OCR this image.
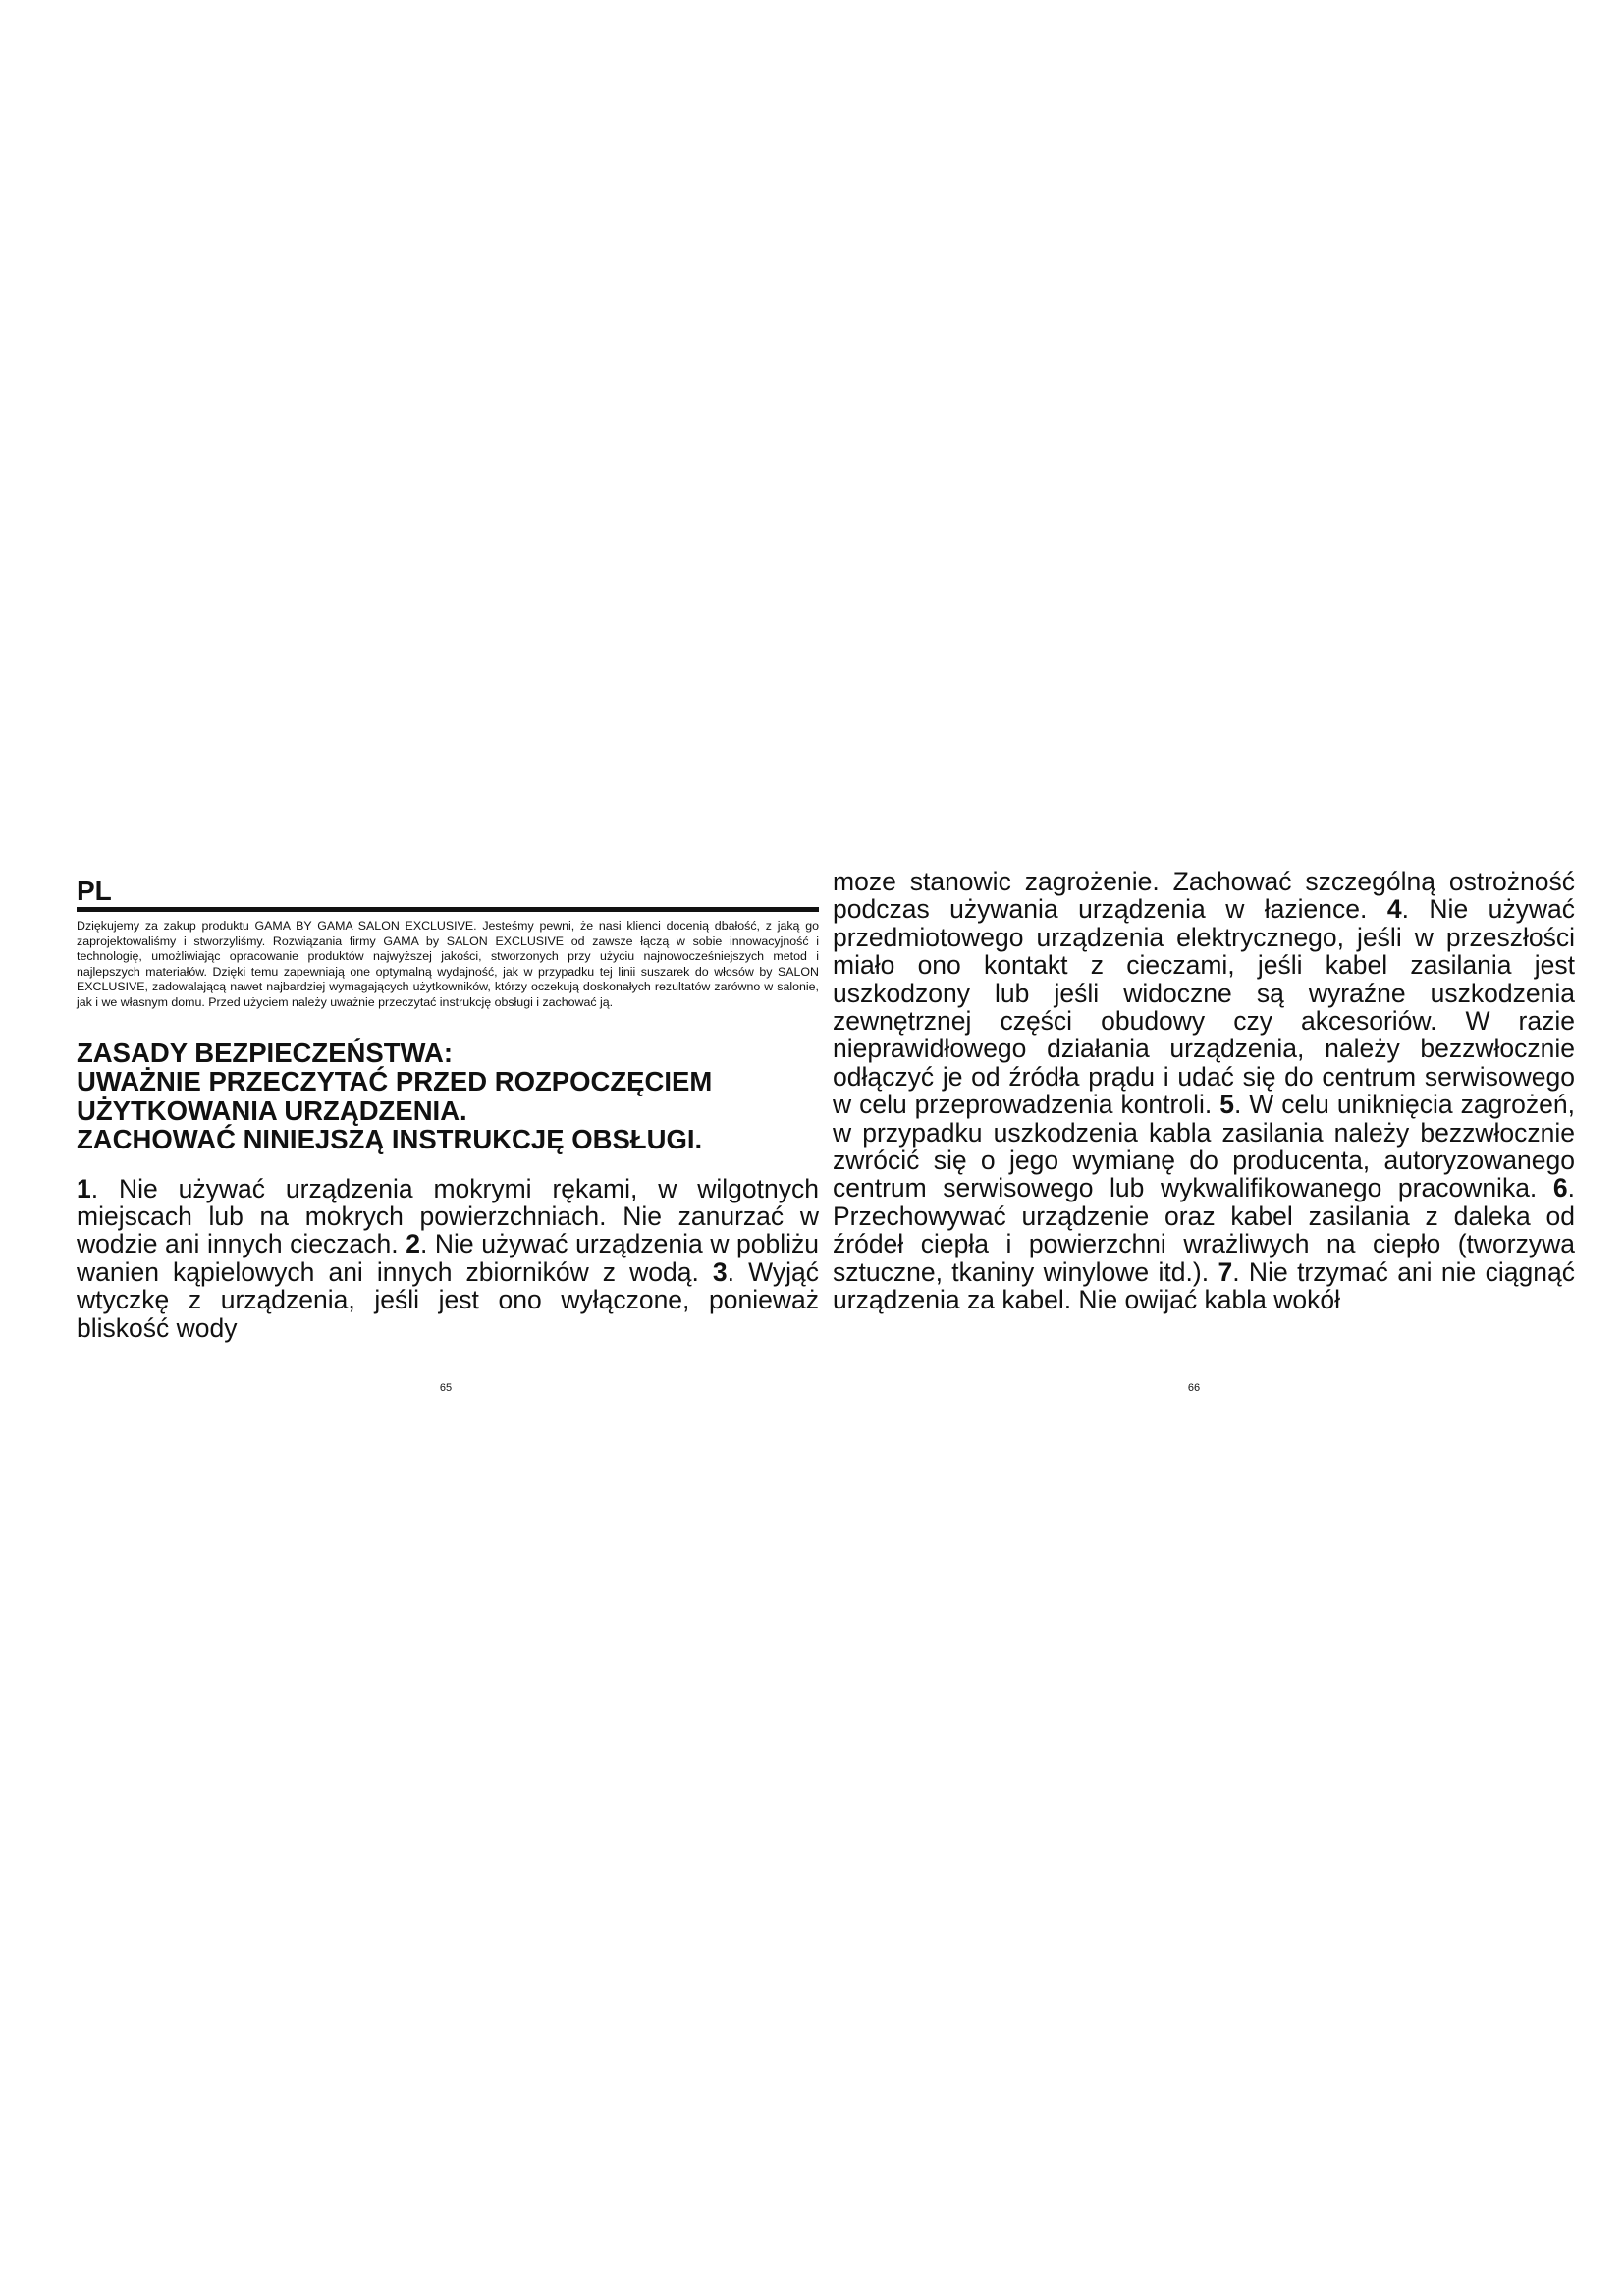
PL

Dziękujemy za zakup produktu GAMA BY GAMA SALON EXCLUSIVE. Jesteśmy pewni, że nasi klienci docenią dbałość, z jaką go zaprojektowaliśmy i stworzyliśmy. Rozwiązania firmy GAMA by SALON EXCLUSIVE od zawsze łączą w sobie innowacyjność i technologię, umożliwiając opracowanie produktów najwyższej jakości, stworzonych przy użyciu najnowocześniejszych metod i najlepszych materiałów. Dzięki temu zapewniają one optymalną wydajność, jak w przypadku tej linii suszarek do włosów by SALON EXCLUSIVE, zadowalającą nawet najbardziej wymagających użytkowników, którzy oczekują doskonałych rezultatów zarówno w salonie, jak i we własnym domu. Przed użyciem należy uważnie przeczytać instrukcję obsługi i zachować ją.

ZASADY BEZPIECZEŃSTWA:
UWAŻNIE PRZECZYTAĆ PRZED ROZPOCZĘCIEM
UŻYTKOWANIA URZĄDZENIA.
ZACHOWAĆ NINIEJSZĄ INSTRUKCJĘ OBSŁUGI.

1. Nie używać urządzenia mokrymi rękami, w wilgotnych miejscach lub na mokrych powierzchniach. Nie zanurzać w wodzie ani innych cieczach. 2. Nie używać urządzenia w pobliżu wanien kąpielowych ani innych zbiorników z wodą. 3. Wyjąć wtyczkę z urządzenia, jeśli jest ono wyłączone, ponieważ bliskość wody

moze stanowic zagrożenie. Zachować szczególną ostrożność podczas używania urządzenia w łazience. 4. Nie używać przedmiotowego urządzenia elektrycznego, jeśli w przeszłości miało ono kontakt z cieczami, jeśli kabel zasilania jest uszkodzony lub jeśli widoczne są wyraźne uszkodzenia zewnętrznej części obudowy czy akcesoriów. W razie nieprawidłowego działania urządzenia, należy bezzwłocznie odłączyć je od źródła prądu i udać się do centrum serwisowego w celu przeprowadzenia kontroli. 5. W celu uniknięcia zagrożeń, w przypadku uszkodzenia kabla zasilania należy bezzwłocznie zwrócić się o jego wymianę do producenta, autoryzowanego centrum serwisowego lub wykwalifikowanego pracownika. 6. Przechowywać urządzenie oraz kabel zasilania z daleka od źródeł ciepła i powierzchni wrażliwych na ciepło (tworzywa sztuczne, tkaniny winylowe itd.). 7. Nie trzymać ani nie ciągnąć urządzenia za kabel. Nie owijać kabla wokół

65	66
